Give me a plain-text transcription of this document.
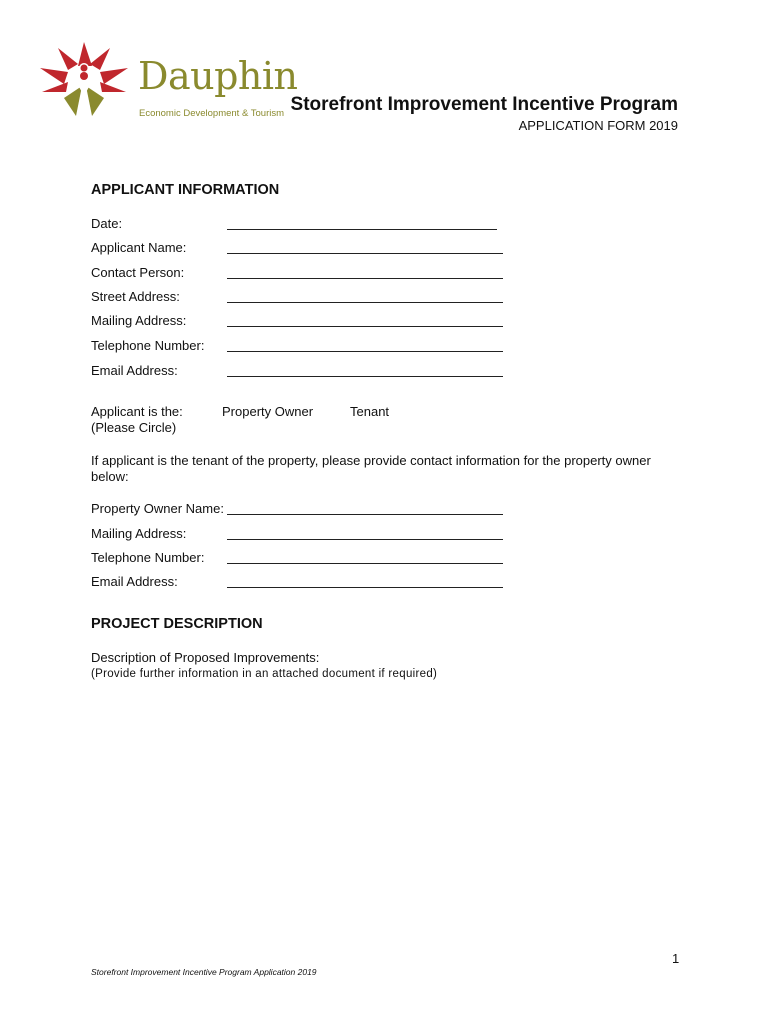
Dauphin
Economic Development & Tourism Storefront Improvement Incentive Program
APPLICATION FORM 2019
APPLICANT INFORMATION
Date:
Applicant Name:
Contact Person:
Street Address:
Mailing Address:
Telephone Number:
Email Address:
Applicant is the:
(Please Circle)
Property Owner	Tenant
If applicant is the tenant of the property, please provide contact information for the property owner below:
Property Owner Name:
Mailing Address:
Telephone Number:
Email Address:
PROJECT DESCRIPTION
Description of Proposed Improvements:
(Provide further information in an attached document if required)
1
Storefront Improvement Incentive Program Application 2019
